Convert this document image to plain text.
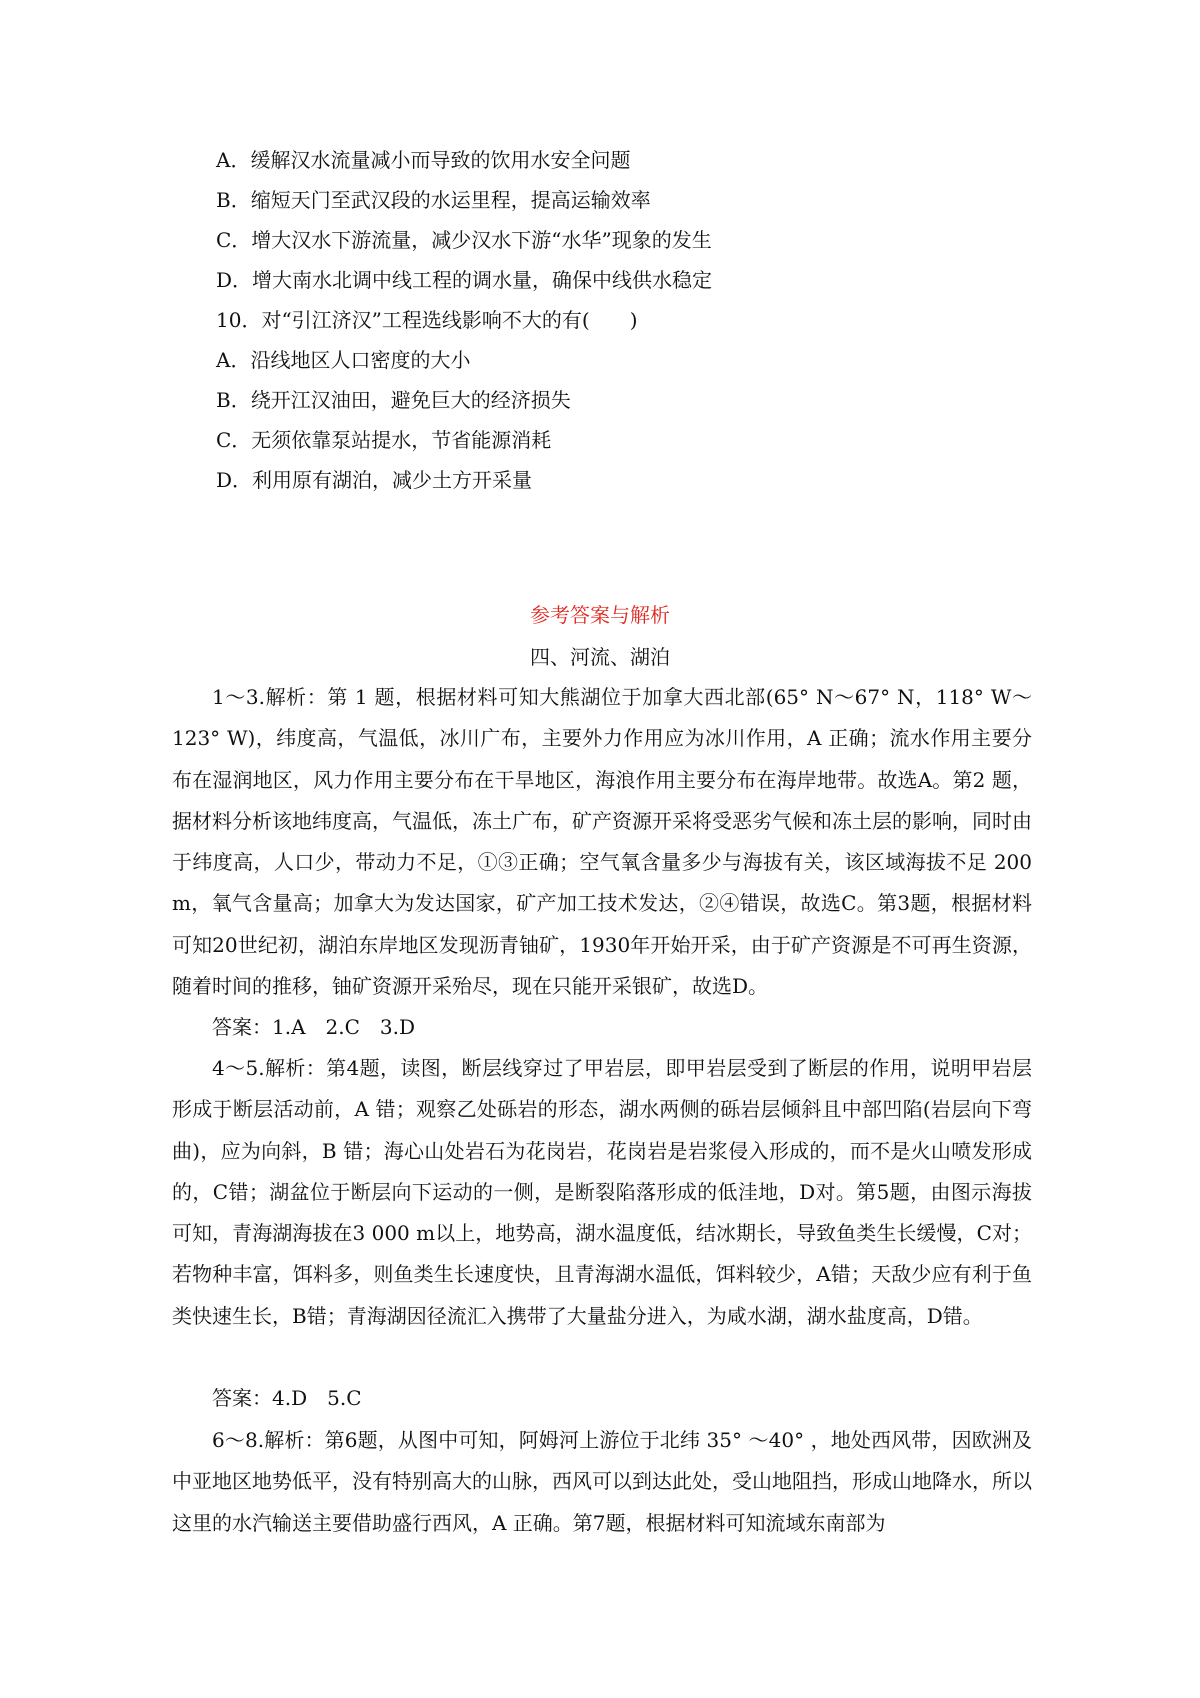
A．缓解汉水流量减小而导致的饮用水安全问题
B．缩短天门至武汉段的水运里程，提高运输效率
C．增大汉水下游流量，减少汉水下游“水华”现象的发生
D．增大南水北调中线工程的调水量，确保中线供水稳定
10．对“引江济汉”工程选线影响不大的有(　　)
A．沿线地区人口密度的大小
B．绕开江汉油田，避免巨大的经济损失
C．无须依靠泵站提水，节省能源消耗
D．利用原有湖泊，减少土方开采量
参考答案与解析
四、河流、湖泊

1～3.解析：第 1 题，根据材料可知大熊湖位于加拿大西北部(65° N～67° N，118° W～123° W)，纬度高，气温低，冰川广布，主要外力作用应为冰川作用，A 正确；流水作用主要分布在湿润地区，风力作用主要分布在干旱地区，海浪作用主要分布在海岸地带。故选A。第2 题，据材料分析该地纬度高，气温低，冻土广布，矿产资源开采将受恶劣气候和冻土层的影响，同时由于纬度高，人口少，带动力不足，①③正确；空气氧含量多少与海拔有关，该区域海拔不足 200 m，氧气含量高；加拿大为发达国家，矿产加工技术发达，②④错误，故选C。第3题，根据材料可知20世纪初，湖泊东岸地区发现沥青铀矿，1930年开始开采，由于矿产资源是不可再生资源，随着时间的推移，铀矿资源开采殆尽，现在只能开采银矿，故选D。

答案：1.A　2.C　3.D

4～5.解析：第4题，读图，断层线穿过了甲岩层，即甲岩层受到了断层的作用，说明甲岩层形成于断层活动前，A 错；观察乙处砾岩的形态，湖水两侧的砾岩层倾斜且中部凹陷(岩层向下弯曲)，应为向斜，B 错；海心山处岩石为花岗岩，花岗岩是岩浆侵入形成的，而不是火山喷发形成的，C错；湖盆位于断层向下运动的一侧，是断裂陷落形成的低洼地，D对。第5题，由图示海拔可知，青海湖海拔在3 000 m以上，地势高，湖水温度低，结冰期长，导致鱼类生长缓慢，C对；若物种丰富，饵料多，则鱼类生长速度快，且青海湖水温低，饵料较少，A错；天敌少应有利于鱼类快速生长，B错；青海湖因径流汇入携带了大量盐分进入，为咸水湖，湖水盐度高，D错。

答案：4.D　5.C

6～8.解析：第6题，从图中可知，阿姆河上游位于北纬 35° ～40° ，地处西风带，因欧洲及中亚地区地势低平，没有特别高大的山脉，西风可以到达此处，受山地阻挡，形成山地降水，所以这里的水汽输送主要借助盛行西风，A 正确。第7题，根据材料可知流域东南部为
